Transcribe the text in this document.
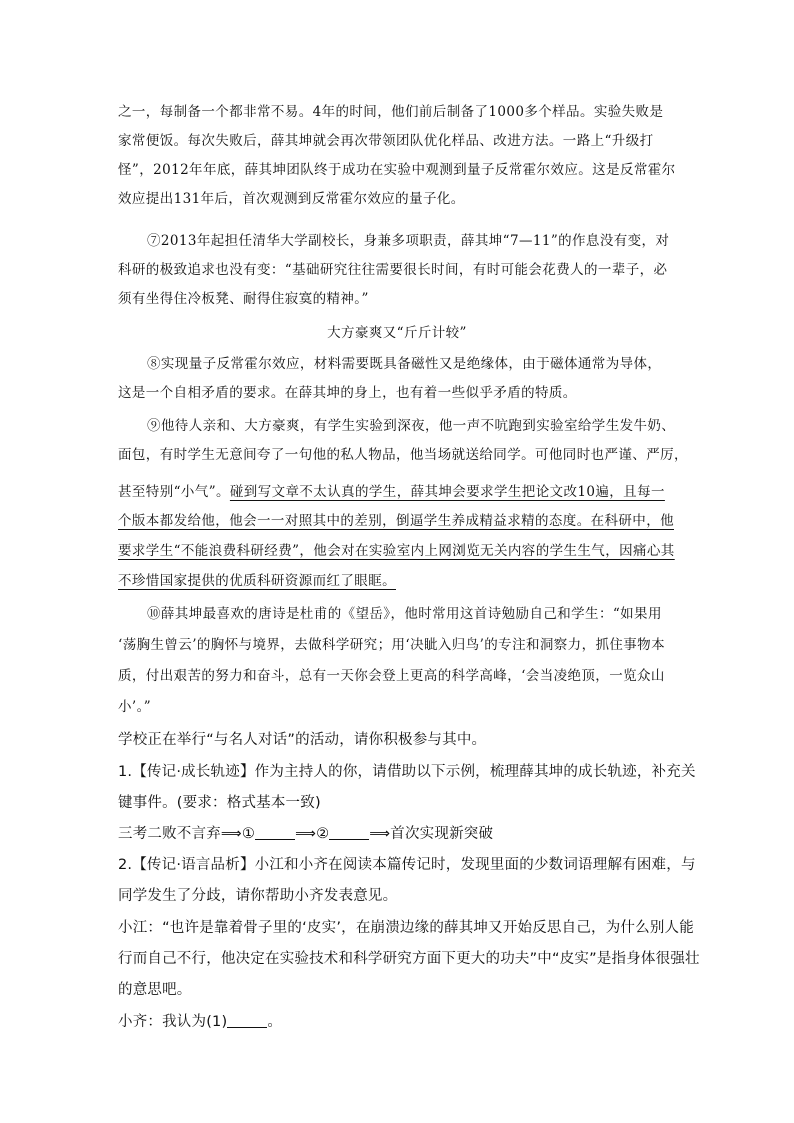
之一，每制备一个都非常不易。4年的时间，他们前后制备了1000多个样品。实验失败是
家常便饭。每次失败后，薛其坤就会再次带领团队优化样品、改进方法。一路上“升级打
怪”，2012年年底，薛其坤团队终于成功在实验中观测到量子反常霍尔效应。这是反常霍尔
效应提出131年后，首次观测到反常霍尔效应的量子化。
⑦2013年起担任清华大学副校长，身兼多项职责，薛其坤“7—11”的作息没有变，对
科研的极致追求也没有变：“基础研究往往需要很长时间，有时可能会花费人的一辈子，必
须有坐得住冷板凳、耐得住寂寞的精神。”
大方豪爽又“斤斤计较”
⑧实现量子反常霍尔效应，材料需要既具备磁性又是绝缘体，由于磁体通常为导体，
这是一个自相矛盾的要求。在薛其坤的身上，也有着一些似乎矛盾的特质。
⑨他待人亲和、大方豪爽，有学生实验到深夜，他一声不吭跑到实验室给学生发牛奶、
面包，有时学生无意间夸了一句他的私人物品，他当场就送给同学。可他同时也严谨、严厉，
甚至特别“小气”。碰到写文章不太认真的学生，薛其坤会要求学生把论文改10遍，且每一
个版本都发给他，他会一一对照其中的差别，倒逼学生养成精益求精的态度。在科研中，他
要求学生“不能浪费科研经费”，他会对在实验室内上网浏览无关内容的学生生气，因痛心其
不珍惜国家提供的优质科研资源而红了眼眶。
⑩薛其坤最喜欢的唐诗是杜甫的《望岳》，他时常用这首诗勉励自己和学生：“如果用
‘荡胸生曾云’的胸怀与境界，去做科学研究；用‘决眦入归鸟’的专注和洞察力，抓住事物本
质，付出艰苦的努力和奋斗，总有一天你会登上更高的科学高峰，‘会当凌绝顶，一览众山
小’。”
学校正在举行“与名人对话”的活动，请你积极参与其中。
1.【传记·成长轨迹】作为主持人的你，请借助以下示例，梳理薛其坤的成长轨迹，补充关
键事件。(要求：格式基本一致)
三考二败不言弃⟹①	⟹②	⟹首次实现新突破
2.【传记·语言品析】小江和小齐在阅读本篇传记时，发现里面的少数词语理解有困难，与
同学发生了分歧，请你帮助小齐发表意见。
小江：“也许是靠着骨子里的‘皮实’，在崩溃边缘的薛其坤又开始反思自己，为什么别人能
行而自己不行，他决定在实验技术和科学研究方面下更大的功夫”中“皮实”是指身体很强壮
的意思吧。
小齐：我认为(1)	。
